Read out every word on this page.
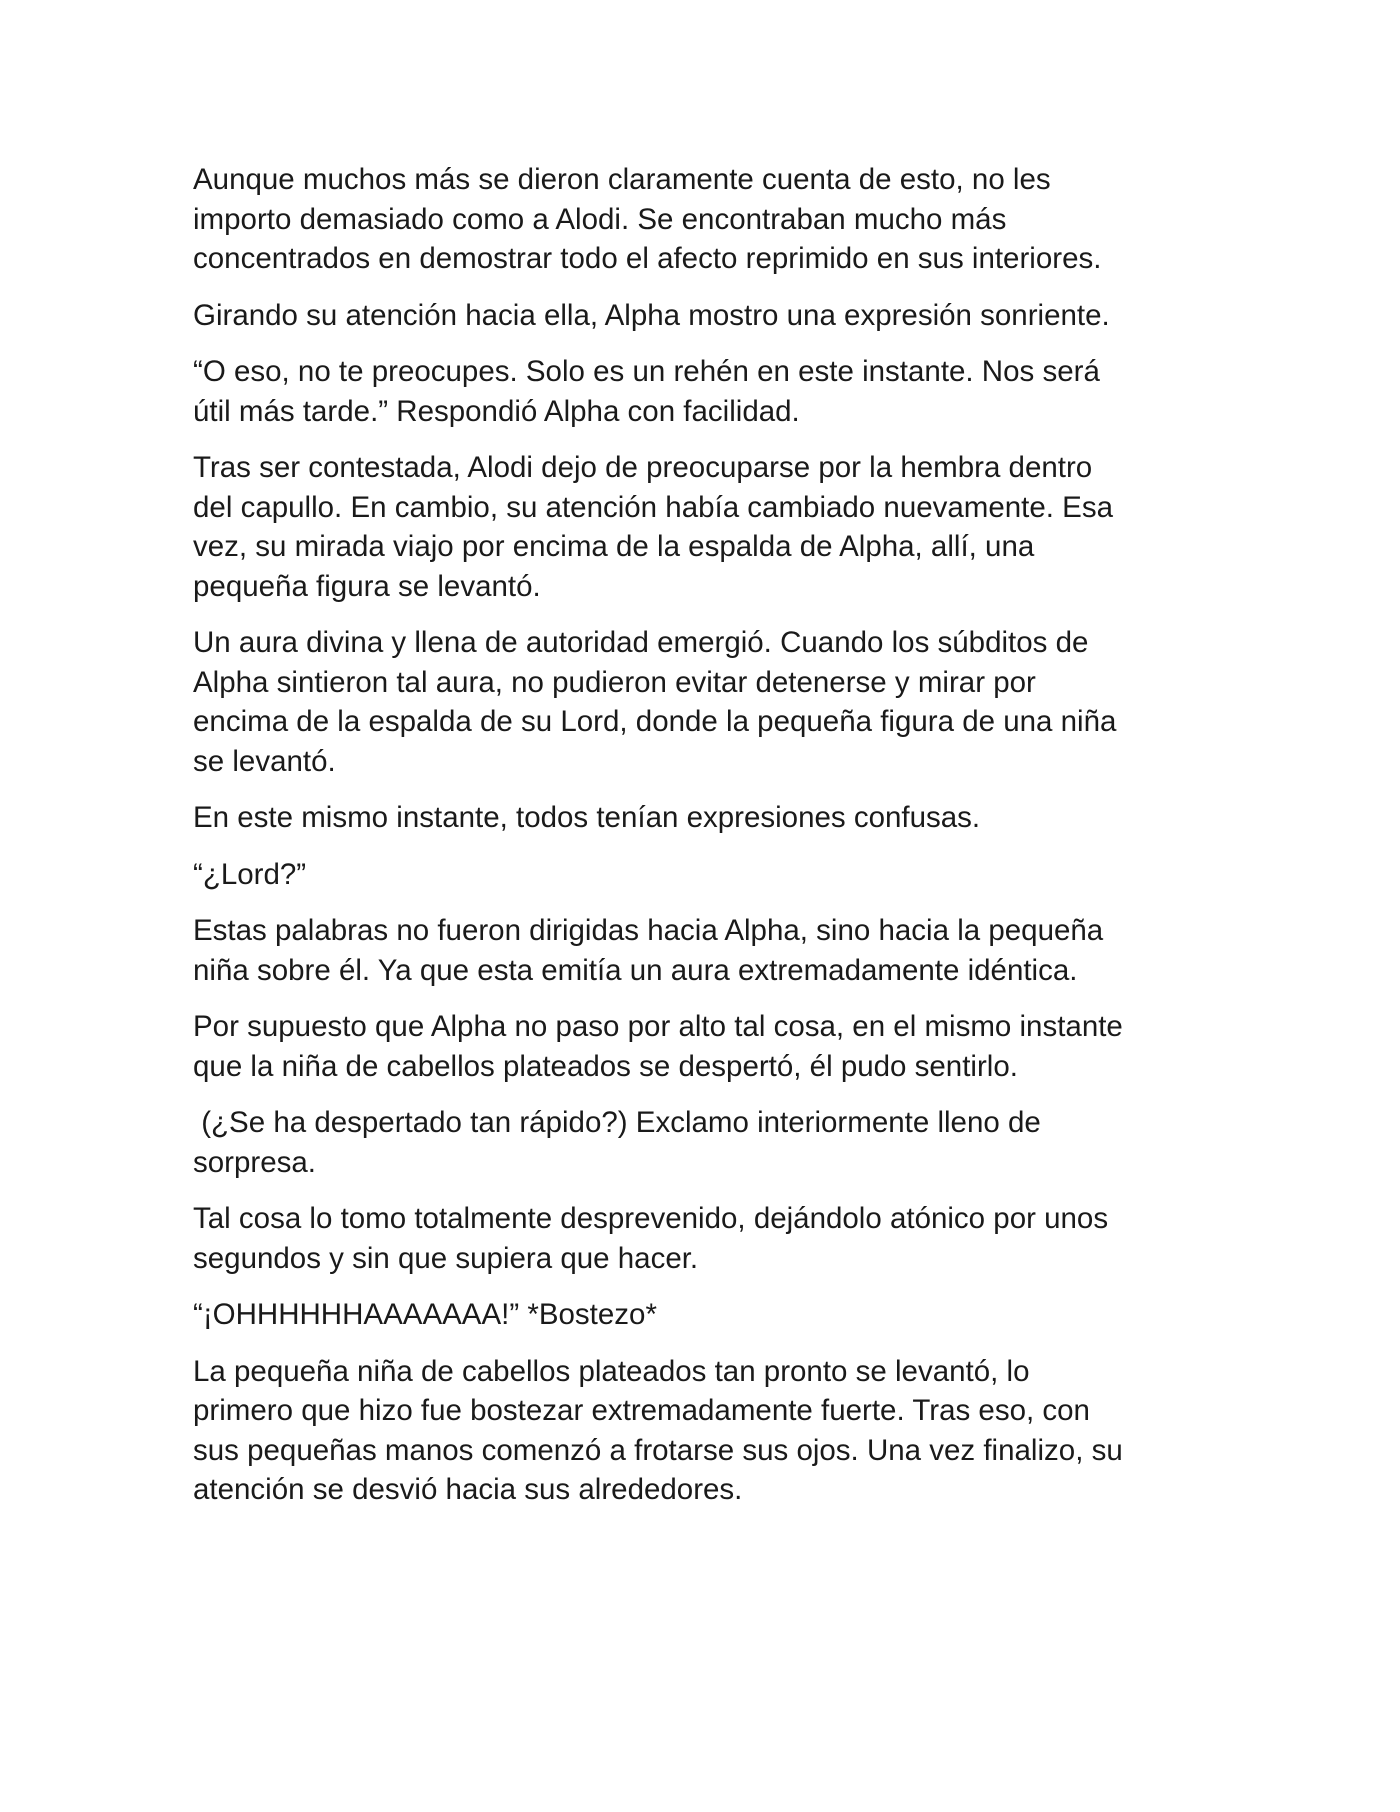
Aunque muchos más se dieron claramente cuenta de esto, no les
importo demasiado como a Alodi. Se encontraban mucho más
concentrados en demostrar todo el afecto reprimido en sus interiores.

Girando su atención hacia ella, Alpha mostro una expresión sonriente.

“O eso, no te preocupes. Solo es un rehén en este instante. Nos será
útil más tarde.” Respondió Alpha con facilidad.

Tras ser contestada, Alodi dejo de preocuparse por la hembra dentro
del capullo. En cambio, su atención había cambiado nuevamente. Esa
vez, su mirada viajo por encima de la espalda de Alpha, allí, una
pequeña figura se levantó.

Un aura divina y llena de autoridad emergió. Cuando los súbditos de
Alpha sintieron tal aura, no pudieron evitar detenerse y mirar por
encima de la espalda de su Lord, donde la pequeña figura de una niña
se levantó.

En este mismo instante, todos tenían expresiones confusas.

“¿Lord?”

Estas palabras no fueron dirigidas hacia Alpha, sino hacia la pequeña
niña sobre él. Ya que esta emitía un aura extremadamente idéntica.

Por supuesto que Alpha no paso por alto tal cosa, en el mismo instante
que la niña de cabellos plateados se despertó, él pudo sentirlo.

(¿Se ha despertado tan rápido?) Exclamo interiormente lleno de
sorpresa.

Tal cosa lo tomo totalmente desprevenido, dejándolo atónico por unos
segundos y sin que supiera que hacer.

“¡OHHHHHHAAAAAAA!” *Bostezo*

La pequeña niña de cabellos plateados tan pronto se levantó, lo
primero que hizo fue bostezar extremadamente fuerte. Tras eso, con
sus pequeñas manos comenzó a frotarse sus ojos. Una vez finalizo, su
atención se desvió hacia sus alrededores.
